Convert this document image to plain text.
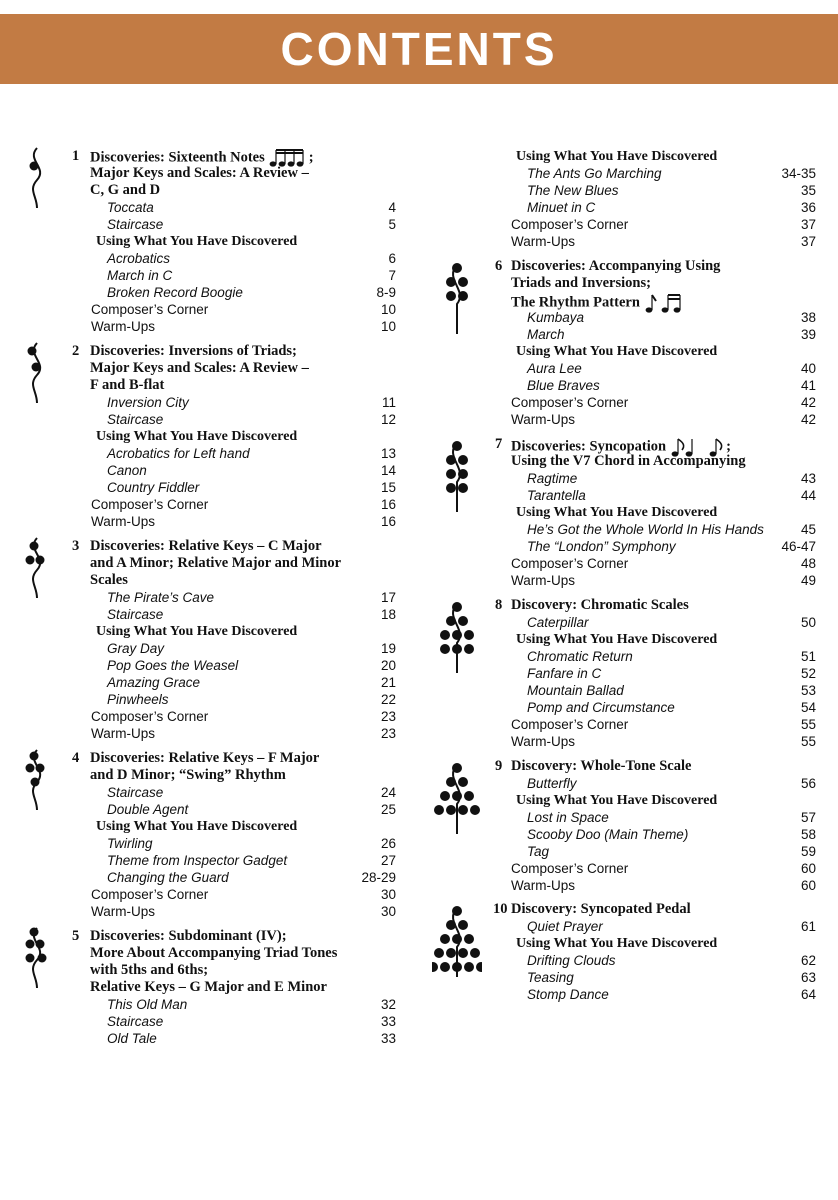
CONTENTS
1 Discoveries: Sixteenth Notes	;
Major Keys and Scales: A Review –
C, G and D
Toccata	4
Staircase	5
Using What You Have Discovered
Acrobatics	6
March in C	7
Broken Record Boogie	8-9
Composer’s Corner	10
Warm-Ups	10
2 Discoveries: Inversions of Triads;
Major Keys and Scales: A Review –
F and B-flat
Inversion City	11
Staircase	12
Using What You Have Discovered
Acrobatics for Left hand	13
Canon	14
Country Fiddler	15
Composer’s Corner	16
Warm-Ups	16
3 Discoveries: Relative Keys – C Major
and A Minor; Relative Major and Minor
Scales
The Pirate’s Cave	17
Staircase	18
Using What You Have Discovered
Gray Day	19
Pop Goes the Weasel	20
Amazing Grace	21
Pinwheels	22
Composer’s Corner	23
Warm-Ups	23
4 Discoveries: Relative Keys – F Major
and D Minor; “Swing” Rhythm
Staircase	24
Double Agent	25
Using What You Have Discovered
Twirling	26
Theme from Inspector Gadget	27
Changing the Guard	28-29
Composer’s Corner	30
Warm-Ups	30
5 Discoveries: Subdominant (IV);
More About Accompanying Triad Tones
with 5ths and 6ths;
Relative Keys – G Major and E Minor
This Old Man	32
Staircase	33
Old Tale	33
Using What You Have Discovered
The Ants Go Marching	34-35
The New Blues	35
Minuet in C	36
Composer’s Corner	37
Warm-Ups	37
6 Discoveries: Accompanying Using
Triads and Inversions;
The Rhythm Pattern
Kumbaya	38
March	39
Using What You Have Discovered
Aura Lee	40
Blue Braves	41
Composer’s Corner	42
Warm-Ups	42
7 Discoveries: Syncopation	;
Using the V7 Chord in Accompanying
Ragtime	43
Tarantella	44
Using What You Have Discovered
He’s Got the Whole World In His Hands	45
The “London” Symphony	46-47
Composer’s Corner	48
Warm-Ups	49
8 Discovery: Chromatic Scales
Caterpillar	50
Using What You Have Discovered
Chromatic Return	51
Fanfare in C	52
Mountain Ballad	53
Pomp and Circumstance	54
Composer’s Corner	55
Warm-Ups	55
9 Discovery: Whole-Tone Scale
Butterfly	56
Using What You Have Discovered
Lost in Space	57
Scooby Doo (Main Theme)	58
Tag	59
Composer’s Corner	60
Warm-Ups	60
10 Discovery: Syncopated Pedal
Quiet Prayer	61
Using What You Have Discovered
Drifting Clouds	62
Teasing	63
Stomp Dance	64
